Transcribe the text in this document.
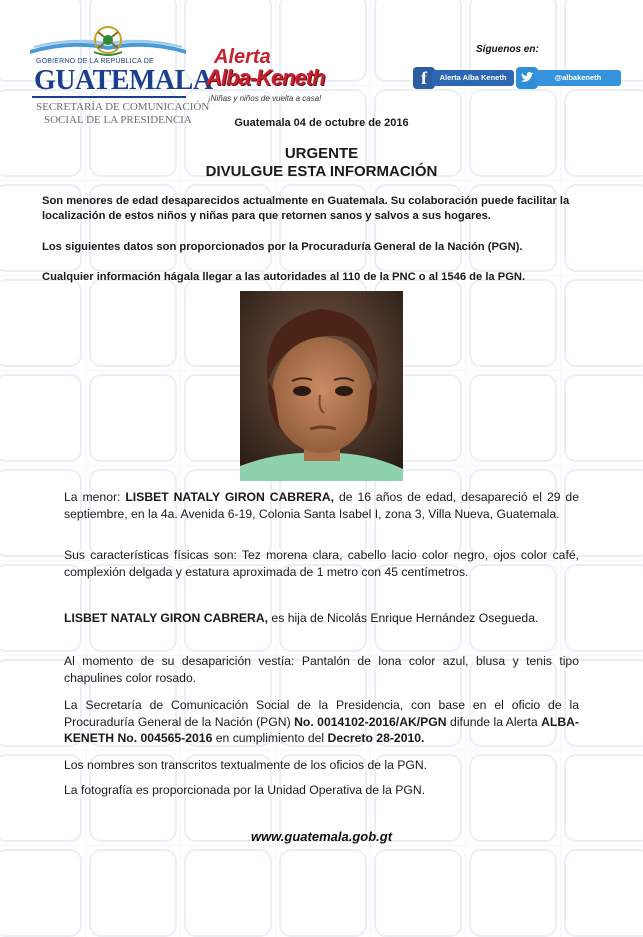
GOBIERNO DE LA REPÚBLICA DE
GUATEMALA
SECRETARÍA DE COMUNICACIÓN
SOCIAL DE LA PRESIDENCIA
Alerta
Alba-Keneth
¡Niñas y niños de vuelta a casa!
Síguenos en:
f	Alerta Alba Keneth	@albakeneth
Guatemala 04 de octubre de 2016
URGENTE
DIVULGUE ESTA INFORMACIÓN
Son menores de edad desaparecidos actualmente en Guatemala. Su colaboración puede facilitar la localización de estos niños y niñas para que retornen sanos y salvos a sus hogares.
Los siguientes datos son proporcionados por la Procuraduría General de la Nación (PGN).
Cualquier información hágala llegar a las autoridades al 110 de la PNC o al 1546 de la PGN.
La menor: LISBET NATALY GIRON CABRERA, de 16 años de edad, desapareció el 29 de septiembre, en la 4a. Avenida 6-19, Colonia Santa Isabel I, zona 3, Villa Nueva, Guatemala.
Sus características físicas son: Tez morena clara, cabello lacio color negro, ojos color café, complexión delgada y estatura aproximada de 1 metro con 45 centímetros.
LISBET NATALY GIRON CABRERA, es hija de Nicolás Enrique Hernández Osegueda.
Al momento de su desaparición vestía: Pantalón de lona color azul, blusa y tenis tipo chapulines color rosado.
La Secretaría de Comunicación Social de la Presidencia, con base en el oficio de la Procuraduría General de la Nación (PGN) No. 0014102-2016/AK/PGN difunde la Alerta ALBA-KENETH No. 004565-2016 en cumplimiento del Decreto 28-2010.
Los nombres son transcritos textualmente de los oficios de la PGN.
La fotografía es proporcionada por la Unidad Operativa de la PGN.
www.guatemala.gob.gt
